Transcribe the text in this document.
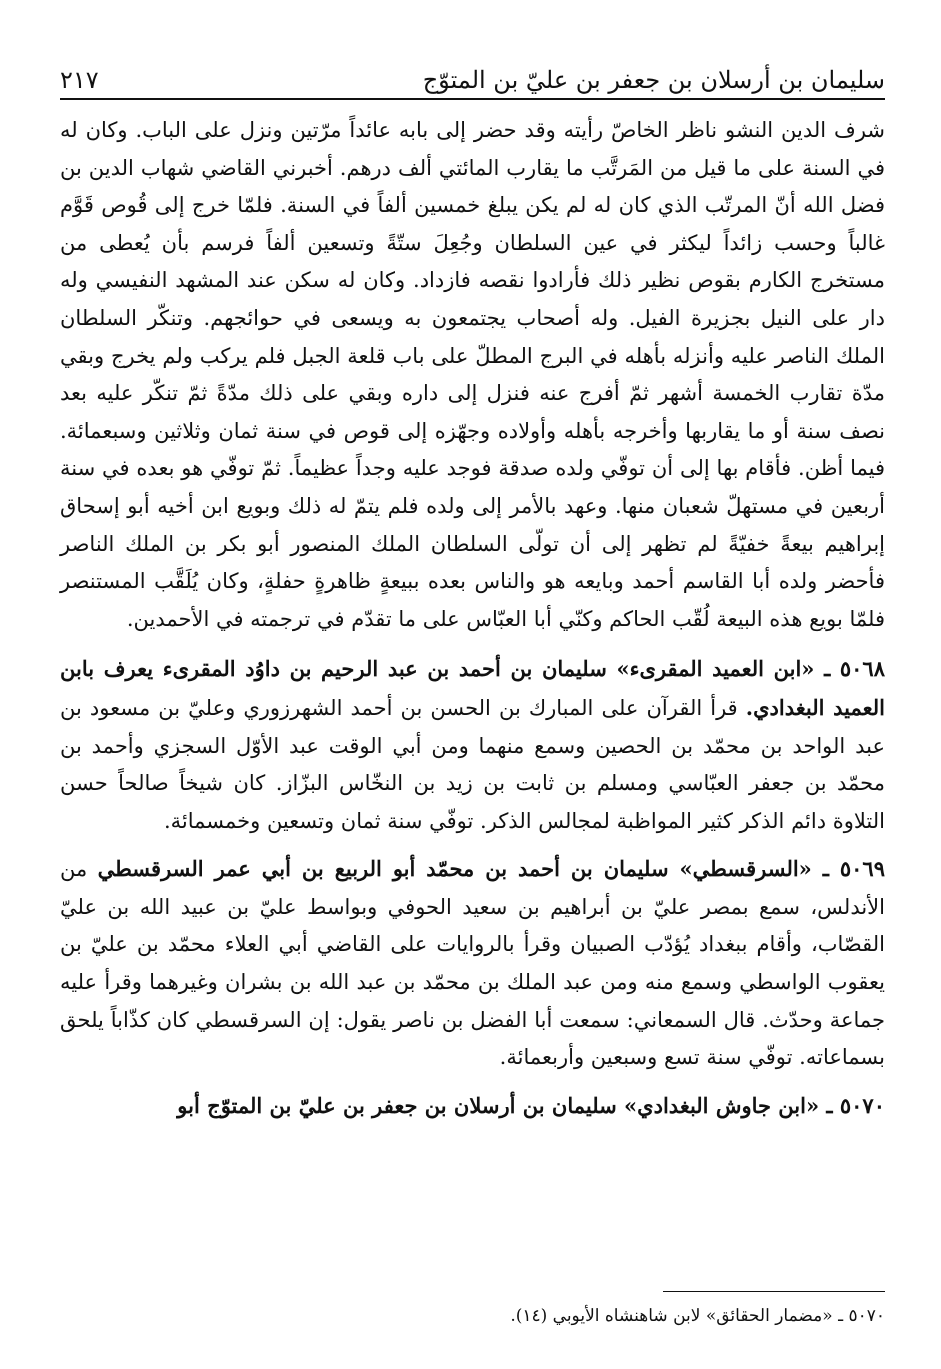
سليمان بن أرسلان بن جعفر بن عليّ بن المتوّج
٢١٧

شرف الدين النشو ناظر الخاصّ رأيته وقد حضر إلى بابه عائداً مرّتين ونزل على الباب. وكان له في السنة على ما قيل من المَرتَّب ما يقارب المائتي ألف درهم. أخبرني القاضي شهاب الدين بن فضل الله أنّ المرتّب الذي كان له لم يكن يبلغ خمسين ألفاً في السنة. فلمّا خرج إلى قُوص قَوَّم غالباً وحسب زائداً ليكثر في عين السلطان وجُعِلَ ستّةً وتسعين ألفاً فرسم بأن يُعطى من مستخرج الكارم بقوص نظير ذلك فأرادوا نقصه فازداد. وكان له سكن عند المشهد النفيسي وله دار على النيل بجزيرة الفيل. وله أصحاب يجتمعون به ويسعى في حوائجهم. وتنكّر السلطان الملك الناصر عليه وأنزله بأهله في البرج المطلّ على باب قلعة الجبل فلم يركب ولم يخرج وبقي مدّة تقارب الخمسة أشهر ثمّ أفرج عنه فنزل إلى داره وبقي على ذلك مدّةً ثمّ تنكّر عليه بعد نصف سنة أو ما يقاربها وأخرجه بأهله وأولاده وجهّزه إلى قوص في سنة ثمان وثلاثين وسبعمائة. فيما أظن. فأقام بها إلى أن توفّي ولده صدقة فوجد عليه وجداً عظيماً. ثمّ توفّي هو بعده في سنة أربعين في مستهلّ شعبان منها. وعهد بالأمر إلى ولده فلم يتمّ له ذلك وبويع ابن أخيه أبو إسحاق إبراهيم بيعةً خفيّةً لم تظهر إلى أن تولّى السلطان الملك المنصور أبو بكر بن الملك الناصر فأحضر ولده أبا القاسم أحمد وبايعه هو والناس بعده ببيعةٍ ظاهرةٍ حفلةٍ، وكان يُلَقَّب المستنصر فلمّا بويع هذه البيعة لُقّب الحاكم وكنّي أبا العبّاس على ما تقدّم في ترجمته في الأحمدين.

٥٠٦٨ ـ «ابن العميد المقرىء» سليمان بن أحمد بن عبد الرحيم بن داوُد المقرىء يعرف بابن العميد البغدادي. قرأ القرآن على المبارك بن الحسن بن أحمد الشهرزوري وعليّ بن مسعود بن عبد الواحد بن محمّد بن الحصين وسمع منهما ومن أبي الوقت عبد الأوّل السجزي وأحمد بن محمّد بن جعفر العبّاسي ومسلم بن ثابت بن زيد بن النخّاس البزّاز. كان شيخاً صالحاً حسن التلاوة دائم الذكر كثير المواظبة لمجالس الذكر. توفّي سنة ثمان وتسعين وخمسمائة.

٥٠٦٩ ـ «السرقسطي» سليمان بن أحمد بن محمّد أبو الربيع بن أبي عمر السرقسطي من الأندلس، سمع بمصر عليّ بن أبراهيم بن سعيد الحوفي وبواسط عليّ بن عبيد الله بن عليّ القصّاب، وأقام ببغداد يُؤدّب الصبيان وقرأ بالروايات على القاضي أبي العلاء محمّد بن عليّ بن يعقوب الواسطي وسمع منه ومن عبد الملك بن محمّد بن عبد الله بن بشران وغيرهما وقرأ عليه جماعة وحدّث. قال السمعاني: سمعت أبا الفضل بن ناصر يقول: إن السرقسطي كان كذّاباً يلحق بسماعاته. توفّي سنة تسع وسبعين وأربعمائة.

٥٠٧٠ ـ «ابن جاوش البغدادي» سليمان بن أرسلان بن جعفر بن عليّ بن المتوّج أبو

٥٠٧٠ ـ «مضمار الحقائق» لابن شاهنشاه الأيوبي (١٤).
